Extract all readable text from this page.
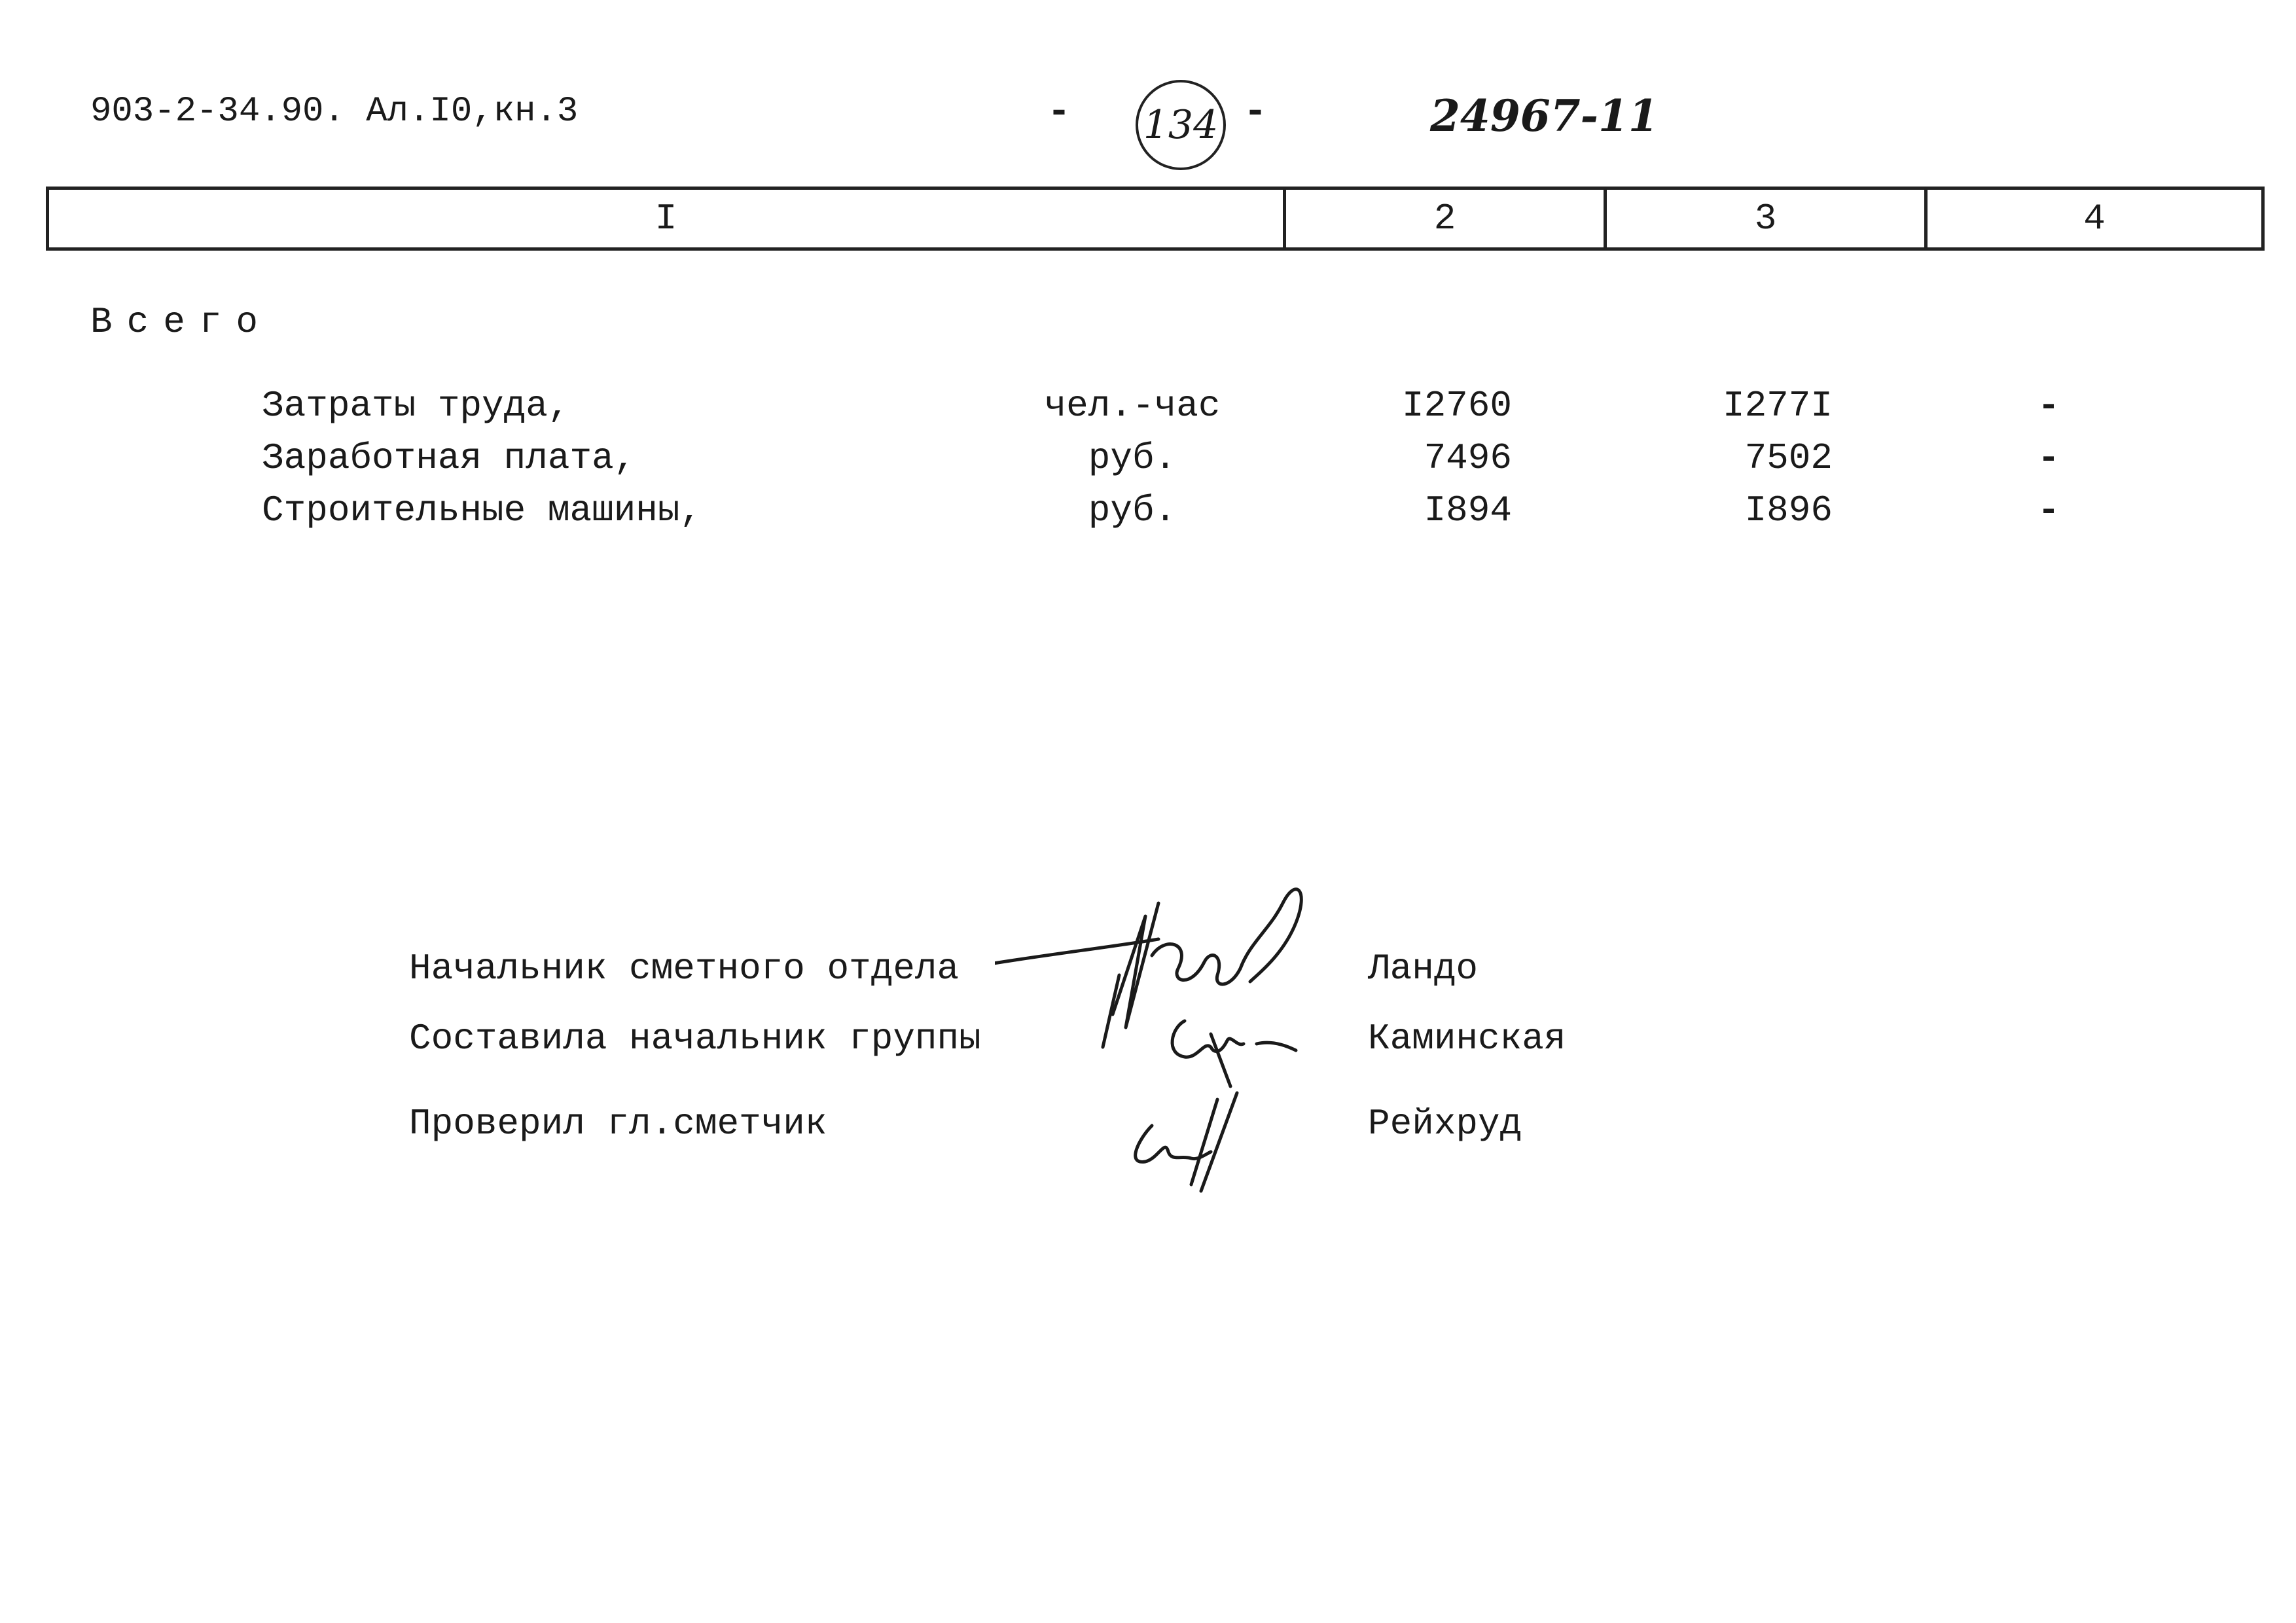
903-2-34.90. Ал.I0,кн.3	- 134 -	24967-11
I	2	3	4
Всего
Затраты труда,	чел.-час	I2760	I277I	-
Заработная плата,	руб.	7496	7502	-
Строительные машины,	руб.	I894	I896	-
Начальник сметного отдела	Ландо
Составила начальник группы	Каминская
Проверил гл.сметчик	Рейхруд
